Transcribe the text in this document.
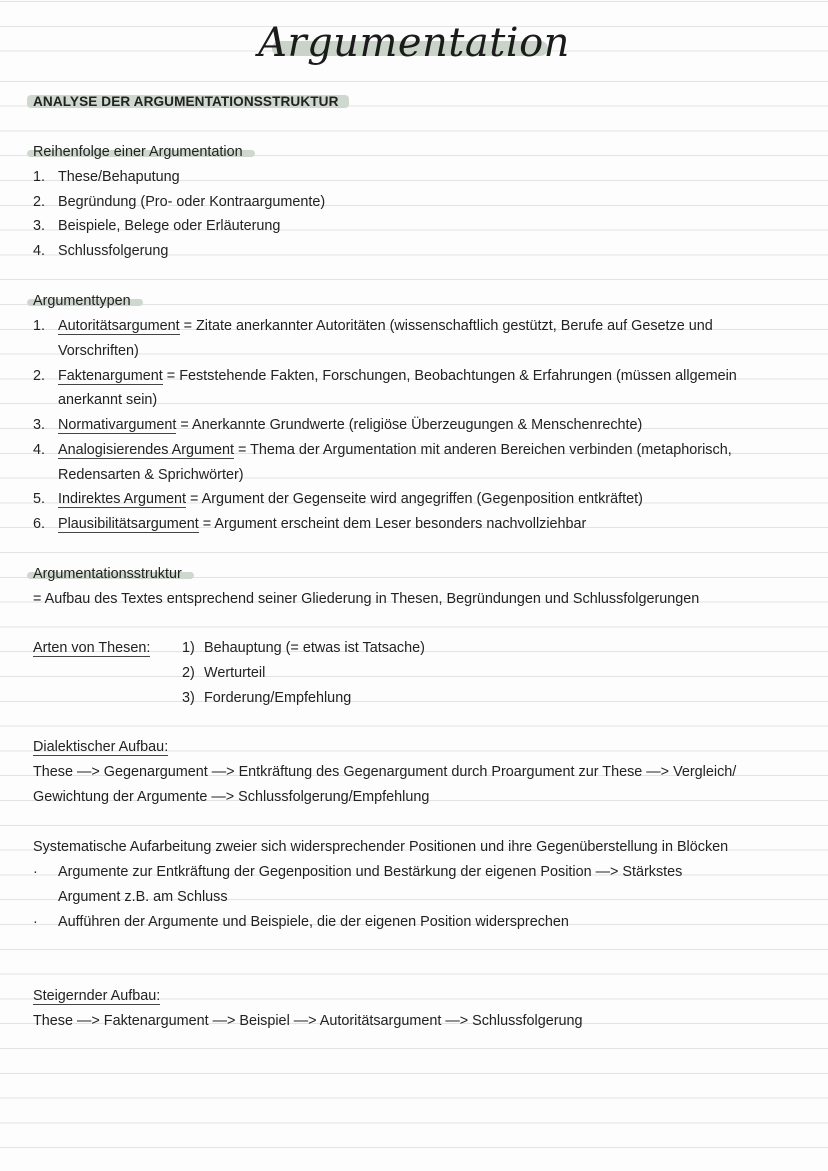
Argumentation
ANALYSE DER ARGUMENTATIONSSTRUKTUR
Reihenfolge einer Argumentation
1. These/Behaputung
2. Begründung (Pro- oder Kontraargumente)
3. Beispiele, Belege oder Erläuterung
4. Schlussfolgerung
Argumenttypen
1. Autoritätsargument = Zitate anerkannter Autoritäten (wissenschaftlich gestützt, Berufe auf Gesetze und
Vorschriften)
2. Faktenargument = Feststehende Fakten, Forschungen, Beobachtungen & Erfahrungen (müssen allgemein
anerkannt sein)
3. Normativargument = Anerkannte Grundwerte (religiöse Überzeugungen & Menschenrechte)
4. Analogisierendes Argument = Thema der Argumentation mit anderen Bereichen verbinden (metaphorisch,
Redensarten & Sprichwörter)
5. Indirektes Argument = Argument der Gegenseite wird angegriffen (Gegenposition entkräftet)
6. Plausibilitätsargument = Argument erscheint dem Leser besonders nachvollziehbar
Argumentationsstruktur
= Aufbau des Textes entsprechend seiner Gliederung in Thesen, Begründungen und Schlussfolgerungen
Arten von Thesen: 1) Behauptung (= etwas ist Tatsache)
2) Werturteil
3) Forderung/Empfehlung
Dialektischer Aufbau:
These —> Gegenargument —> Entkräftung des Gegenargument durch Proargument zur These —> Vergleich/
Gewichtung der Argumente —> Schlussfolgerung/Empfehlung
Systematische Aufarbeitung zweier sich widersprechender Positionen und ihre Gegenüberstellung in Blöcken
· Argumente zur Entkräftung der Gegenposition und Bestärkung der eigenen Position —> Stärkstes
Argument z.B. am Schluss
· Aufführen der Argumente und Beispiele, die der eigenen Position widersprechen
Steigernder Aufbau:
These —> Faktenargument —> Beispiel —> Autoritätsargument —> Schlussfolgerung
